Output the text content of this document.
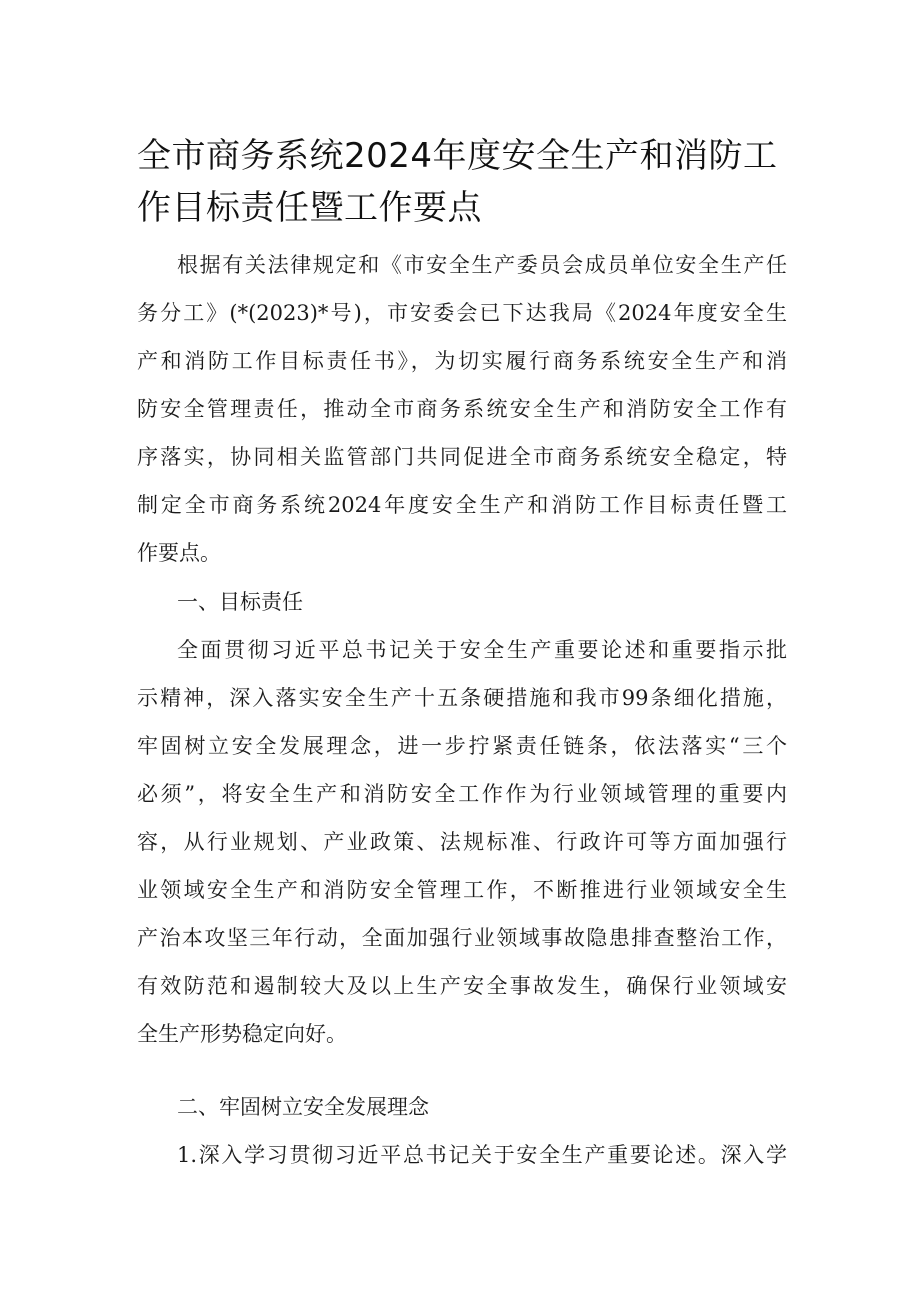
全市商务系统2024年度安全生产和消防工
作目标责任暨工作要点
根据有关法律规定和《市安全生产委员会成员单位安全生产任
务分工》(*(2023)*号)，市安委会已下达我局《2024年度安全生
产和消防工作目标责任书》，为切实履行商务系统安全生产和消
防安全管理责任，推动全市商务系统安全生产和消防安全工作有
序落实，协同相关监管部门共同促进全市商务系统安全稳定，特
制定全市商务系统2024年度安全生产和消防工作目标责任暨工
作要点。
一、目标责任
全面贯彻习近平总书记关于安全生产重要论述和重要指示批
示精神，深入落实安全生产十五条硬措施和我市99条细化措施，
牢固树立安全发展理念，进一步拧紧责任链条，依法落实“三个
必须”，将安全生产和消防安全工作作为行业领域管理的重要内
容，从行业规划、产业政策、法规标准、行政许可等方面加强行
业领域安全生产和消防安全管理工作，不断推进行业领域安全生
产治本攻坚三年行动，全面加强行业领域事故隐患排查整治工作，
有效防范和遏制较大及以上生产安全事故发生，确保行业领域安
全生产形势稳定向好。
二、牢固树立安全发展理念
1.深入学习贯彻习近平总书记关于安全生产重要论述。深入学
